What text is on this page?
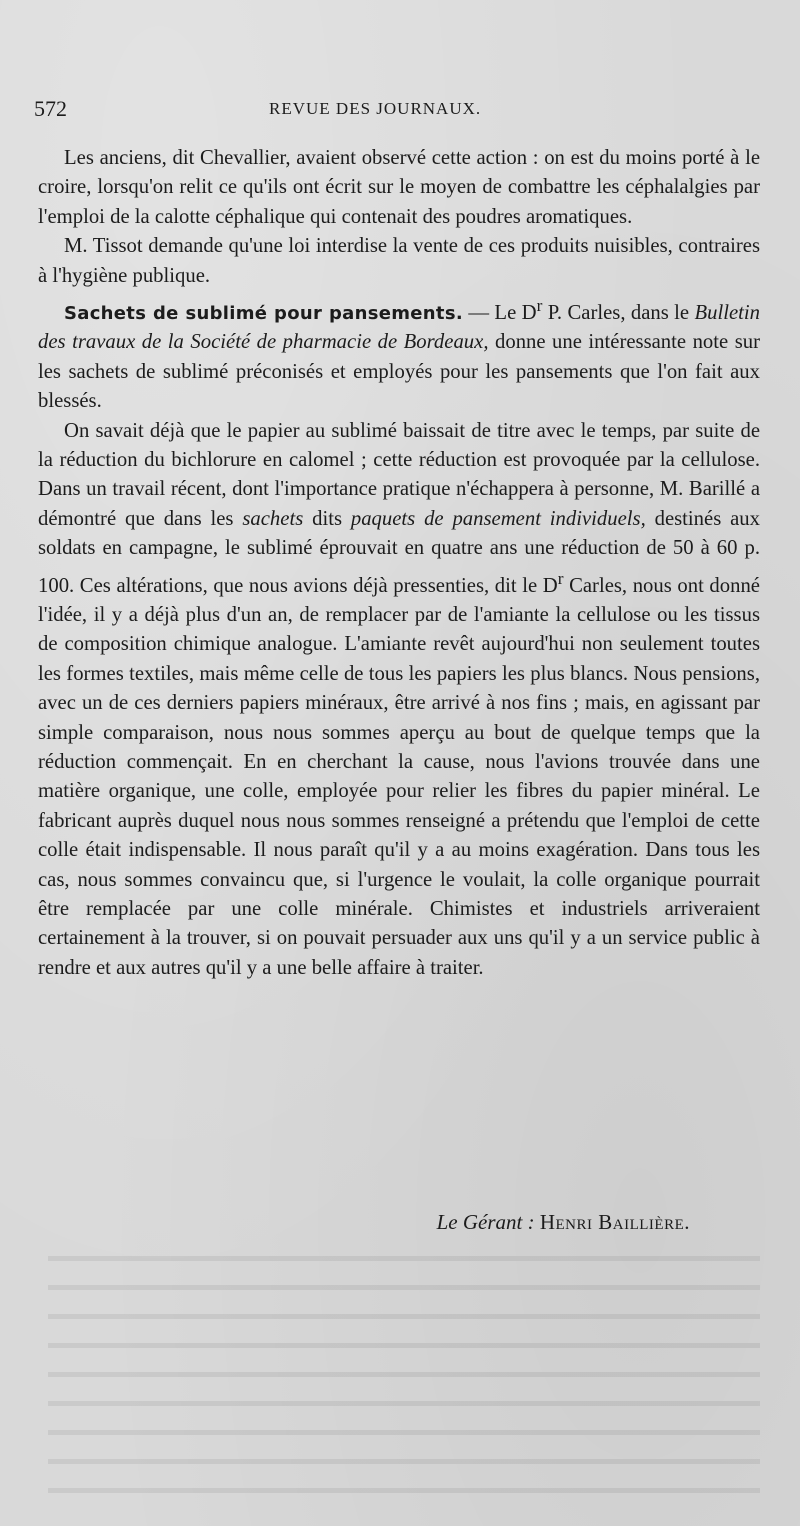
572	REVUE DES JOURNAUX.

Les anciens, dit Chevallier, avaient observé cette action : on est du moins porté à le croire, lorsqu'on relit ce qu'ils ont écrit sur le moyen de combattre les céphalalgies par l'emploi de la calotte céphalique qui contenait des poudres aromatiques.

M. Tissot demande qu'une loi interdise la vente de ces produits nuisibles, contraires à l'hygiène publique.

Sachets de sublimé pour pansements. — Le $D^r$ P. Carles, dans le Bulletin des travaux de la Société de pharmacie de Bordeaux, donne une intéressante note sur les sachets de sublimé préconisés et employés pour les pansements que l'on fait aux blessés.

On savait déjà que le papier au sublimé baissait de titre avec le temps, par suite de la réduction du bichlorure en calomel ; cette réduction est provoquée par la cellulose. Dans un travail récent, dont l'importance pratique n'échappera à personne, M. Barillé a démontré que dans les sachets dits paquets de pansement individuels, destinés aux soldats en campagne, le sublimé éprouvait en quatre ans une réduction de 50 à 60 p. 100. Ces altérations, que nous avions déjà pressenties, dit le $D^r$ Carles, nous ont donné l'idée, il y a déjà plus d'un an, de remplacer par de l'amiante la cellulose ou les tissus de composition chimique analogue. L'amiante revêt aujourd'hui non seulement toutes les formes textiles, mais même celle de tous les papiers les plus blancs. Nous pensions, avec un de ces derniers papiers minéraux, être arrivé à nos fins ; mais, en agissant par simple comparaison, nous nous sommes aperçu au bout de quelque temps que la réduction commençait. En en cherchant la cause, nous l'avions trouvée dans une matière organique, une colle, employée pour relier les fibres du papier minéral. Le fabricant auprès duquel nous nous sommes renseigné a prétendu que l'emploi de cette colle était indispensable. Il nous paraît qu'il y a au moins exagération. Dans tous les cas, nous sommes convaincu que, si l'urgence le voulait, la colle organique pourrait être remplacée par une colle minérale. Chimistes et industriels arriveraient certainement à la trouver, si on pouvait persuader aux uns qu'il y a un service public à rendre et aux autres qu'il y a une belle affaire à traiter.

Le Gérant : Henri Baillière.
